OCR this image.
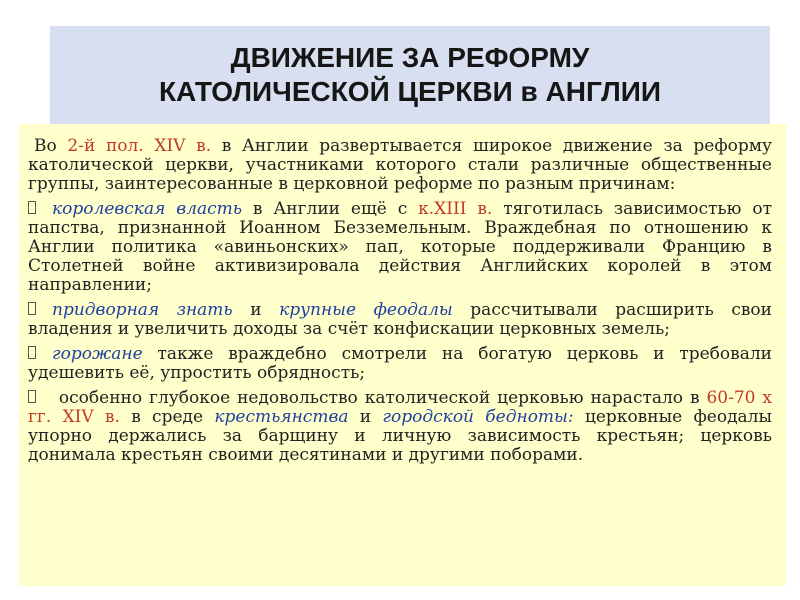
ДВИЖЕНИЕ ЗА РЕФОРМУ
КАТОЛИЧЕСКОЙ ЦЕРКВИ в АНГЛИИ

Во 2-й пол. XIV в. в Англии развертывается широкое движение за реформу католической церкви, участниками которого стали различные общественные группы, заинтересованные в церковной реформе по разным причинам:

королевская власть в Англии ещё с к.XIII в. тяготилась зависимостью от папства, признанной Иоанном Безземельным. Враждебная по отношению к Англии политика «авиньонских» пап, которые поддерживали Францию в Столетней войне активизировала действия Английских королей в этом направлении;

придворная знать и крупные феодалы рассчитывали расширить свои владения и увеличить доходы за счёт конфискации церковных земель;

горожане также враждебно смотрели на богатую церковь и требовали удешевить её, упростить обрядность;

особенно глубокое недовольство католической церковью нарастало в 60-70 х гг. XIV в. в среде крестьянства и городской бедноты: церковные феодалы упорно держались за барщину и личную зависимость крестьян; церковь донимала крестьян своими десятинами и другими поборами.
